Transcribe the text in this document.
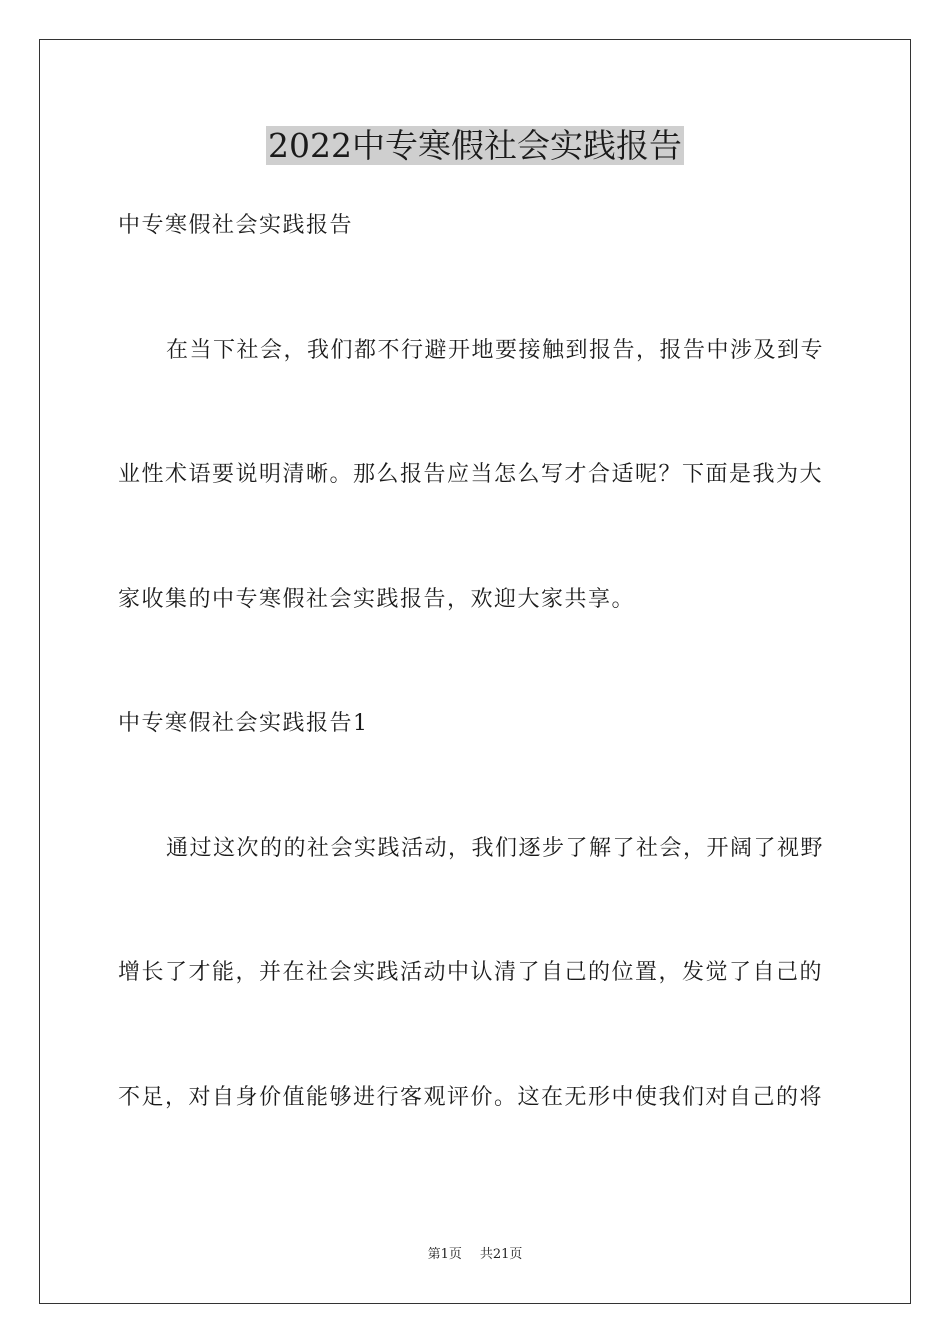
2022中专寒假社会实践报告
中专寒假社会实践报告
在当下社会，我们都不行避开地要接触到报告，报告中涉及到专
业性术语要说明清晰。那么报告应当怎么写才合适呢？下面是我为大
家收集的中专寒假社会实践报告，欢迎大家共享。
中专寒假社会实践报告1
通过这次的的社会实践活动，我们逐步了解了社会，开阔了视野
增长了才能，并在社会实践活动中认清了自己的位置，发觉了自己的
不足，对自身价值能够进行客观评价。这在无形中使我们对自己的将
第1页 共21页
